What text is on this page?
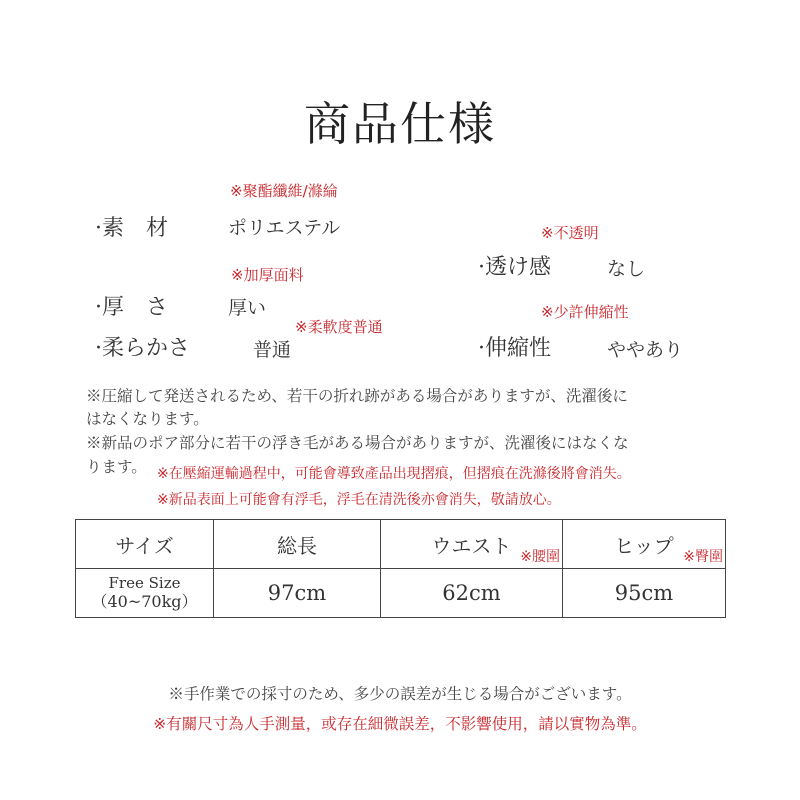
商品仕様
※聚酯纖維/滌綸
·素　材	ポリエステル
※加厚面料
·厚　さ	厚い
※柔軟度普通
·柔らかさ	普通
※不透明
·透け感	なし
※少許伸縮性
·伸縮性	ややあり
※圧縮して発送されるため、若干の折れ跡がある場合がありますが、洗濯後に
はなくなります。
※新品のポア部分に若干の浮き毛がある場合がありますが、洗濯後にはなくな
ります。 ※在壓縮運輸過程中，可能會導致產品出現摺痕，但摺痕在洗滌後將會消失。
※新品表面上可能會有浮毛，浮毛在清洗後亦會消失，敬請放心。
サイズ	総長	ウエスト ※腰圍	ヒップ ※臀圍

Free Size
（40~70kg）	97cm	62cm	95cm
※手作業での採寸のため、多少の誤差が生じる場合がございます。
※有關尺寸為人手測量，或存在細微誤差，不影響使用，請以實物為準。
